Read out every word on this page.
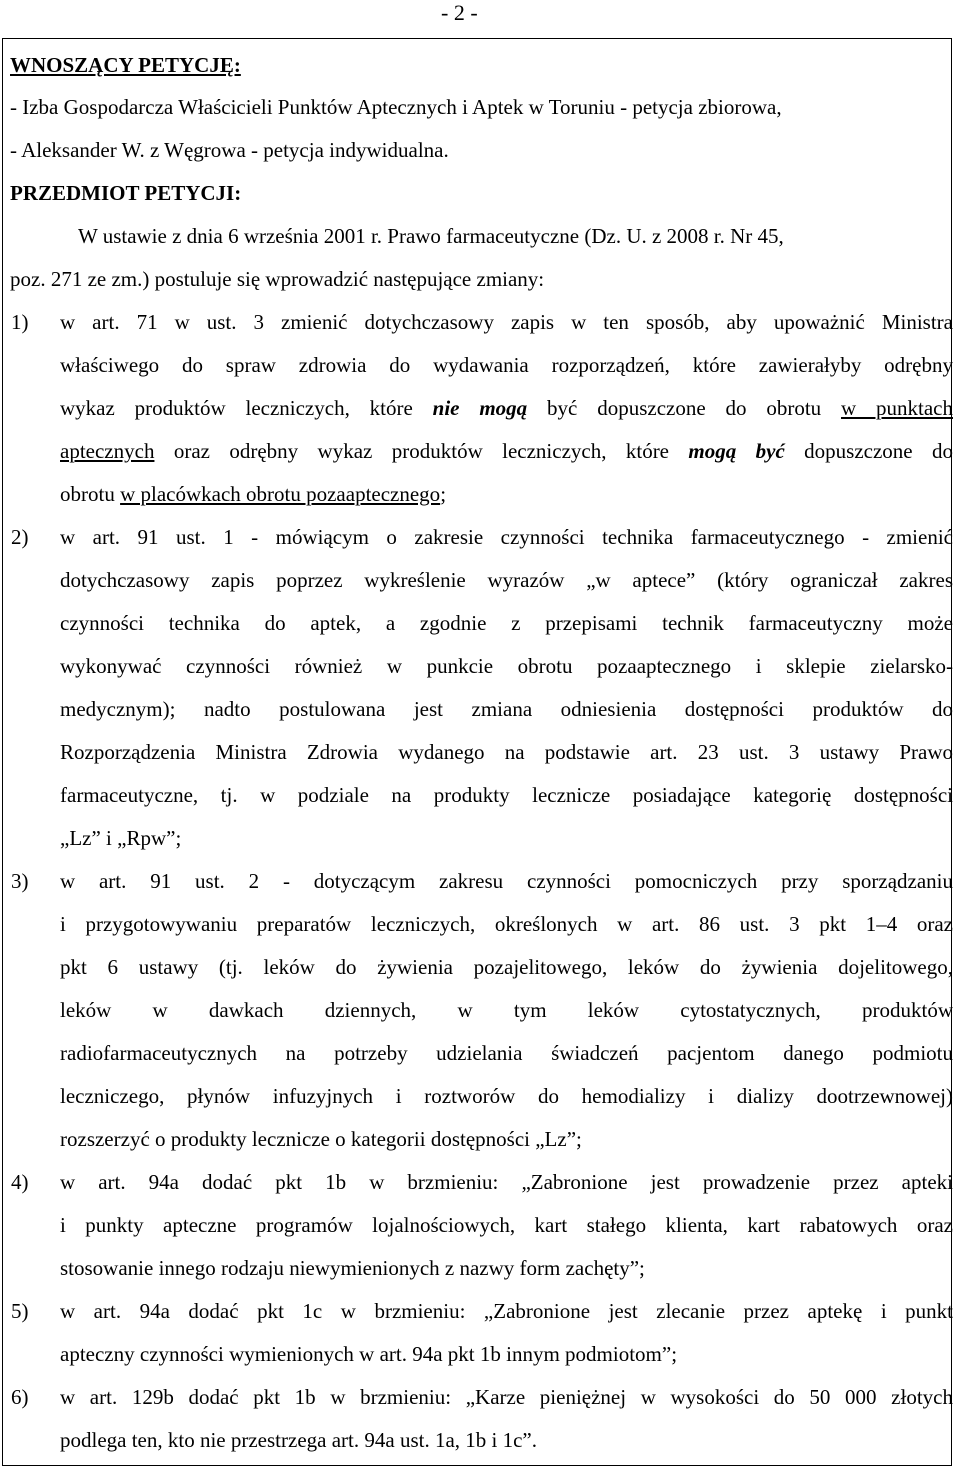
- 2 -
WNOSZĄCY PETYCJĘ:
- Izba Gospodarcza Właścicieli Punktów Aptecznych i Aptek w Toruniu - petycja zbiorowa,
- Aleksander W. z Węgrowa - petycja indywidualna.
PRZEDMIOT PETYCJI:
W ustawie z dnia 6 września 2001 r. Prawo farmaceutyczne (Dz. U. z 2008 r. Nr 45,
poz. 271 ze zm.) postuluje się wprowadzić następujące zmiany:
1) w art. 71 w ust. 3 zmienić dotychczasowy zapis w ten sposób, aby upoważnić Ministra
właściwego do spraw zdrowia do wydawania rozporządzeń, które zawierałyby odrębny
wykaz produktów leczniczych, które nie mogą być dopuszczone do obrotu w punktach
aptecznych oraz odrębny wykaz produktów leczniczych, które mogą być dopuszczone do
obrotu w placówkach obrotu pozaaptecznego;
2) w art. 91 ust. 1 - mówiącym o zakresie czynności technika farmaceutycznego - zmienić
dotychczasowy zapis poprzez wykreślenie wyrazów „w aptece” (który ograniczał zakres
czynności technika do aptek, a zgodnie z przepisami technik farmaceutyczny może
wykonywać czynności również w punkcie obrotu pozaaptecznego i sklepie zielarsko-
medycznym); nadto postulowana jest zmiana odniesienia dostępności produktów do
Rozporządzenia Ministra Zdrowia wydanego na podstawie art. 23 ust. 3 ustawy Prawo
farmaceutyczne, tj. w podziale na produkty lecznicze posiadające kategorię dostępności
„Lz” i „Rpw”;
3) w art. 91 ust. 2 - dotyczącym zakresu czynności pomocniczych przy sporządzaniu
i przygotowywaniu preparatów leczniczych, określonych w art. 86 ust. 3 pkt 1–4 oraz
pkt 6 ustawy (tj. leków do żywienia pozajelitowego, leków do żywienia dojelitowego,
leków w dawkach dziennych, w tym leków cytostatycznych, produktów
radiofarmaceutycznych na potrzeby udzielania świadczeń pacjentom danego podmiotu
leczniczego, płynów infuzyjnych i roztworów do hemodializy i dializy dootrzewnowej)
rozszerzyć o produkty lecznicze o kategorii dostępności „Lz”;
4) w art. 94a dodać pkt 1b w brzmieniu: „Zabronione jest prowadzenie przez apteki
i punkty apteczne programów lojalnościowych, kart stałego klienta, kart rabatowych oraz
stosowanie innego rodzaju niewymienionych z nazwy form zachęty”;
5) w art. 94a dodać pkt 1c w brzmieniu: „Zabronione jest zlecanie przez aptekę i punkt
apteczny czynności wymienionych w art. 94a pkt 1b innym podmiotom”;
6) w art. 129b dodać pkt 1b w brzmieniu: „Karze pieniężnej w wysokości do 50 000 złotych
podlega ten, kto nie przestrzega art. 94a ust. 1a, 1b i 1c”.
